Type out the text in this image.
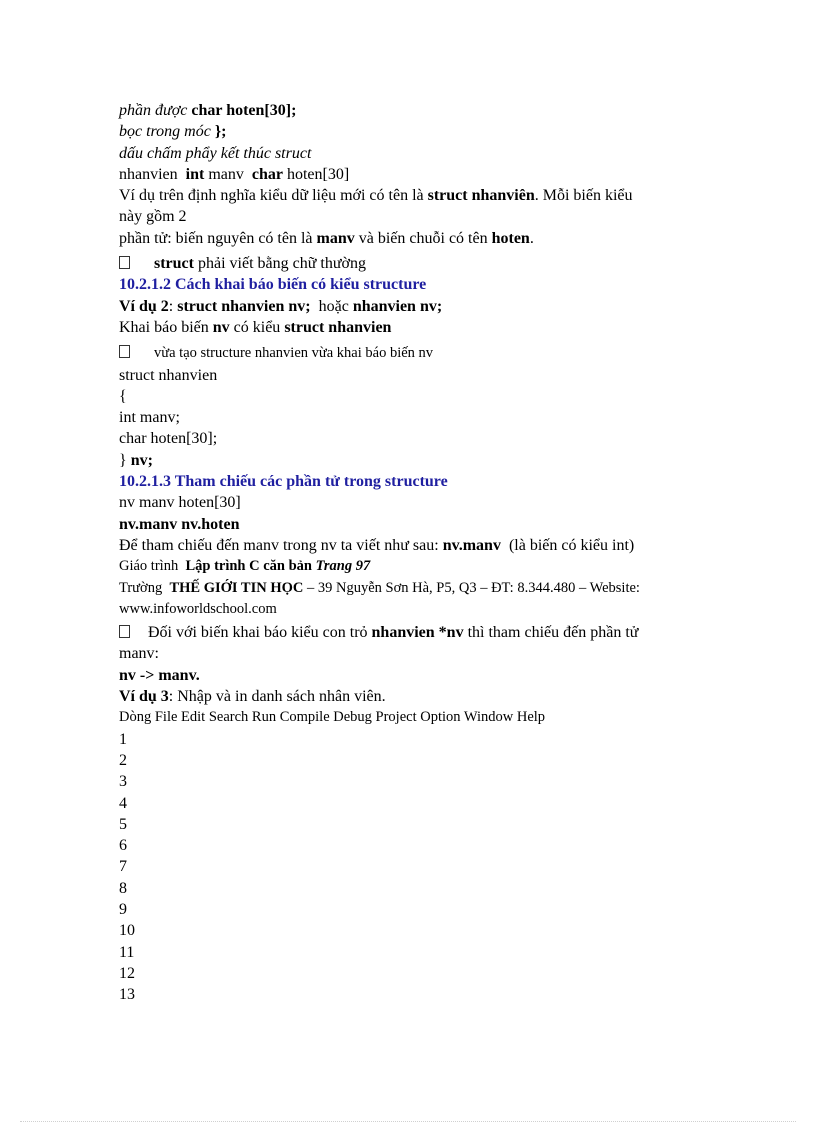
phần được char hoten[30];
bọc trong móc };
dấu chấm phẩy kết thúc struct
nhanvien int manv char hoten[30]
Ví dụ trên định nghĩa kiểu dữ liệu mới có tên là struct nhanviên. Mỗi biến kiểu
này gồm 2
phần tử: biến nguyên có tên là manv và biến chuỗi có tên hoten.
struct phải viết bằng chữ thường
10.2.1.2 Cách khai báo biến có kiểu structure
Ví dụ 2: struct nhanvien nv; hoặc nhanvien nv;
Khai báo biến nv có kiểu struct nhanvien
vừa tạo structure nhanvien vừa khai báo biến nv
struct nhanvien
{
int manv;
char hoten[30];
} nv;
10.2.1.3 Tham chiếu các phần tử trong structure
nv manv hoten[30]
nv.manv nv.hoten
Để tham chiếu đến manv trong nv ta viết như sau: nv.manv (là biến có kiểu int)
Giáo trình Lập trình C căn bản Trang 97
Trường THẾ GIỚI TIN HỌC – 39 Nguyễn Sơn Hà, P5, Q3 – ĐT: 8.344.480 – Website:
www.infoworldschool.com
Đối với biến khai báo kiểu con trỏ nhanvien *nv thì tham chiếu đến phần tử
manv:
nv -> manv.
Ví dụ 3: Nhập và in danh sách nhân viên.
Dòng File Edit Search Run Compile Debug Project Option Window Help
1
2
3
4
5
6
7
8
9
10
11
12
13
